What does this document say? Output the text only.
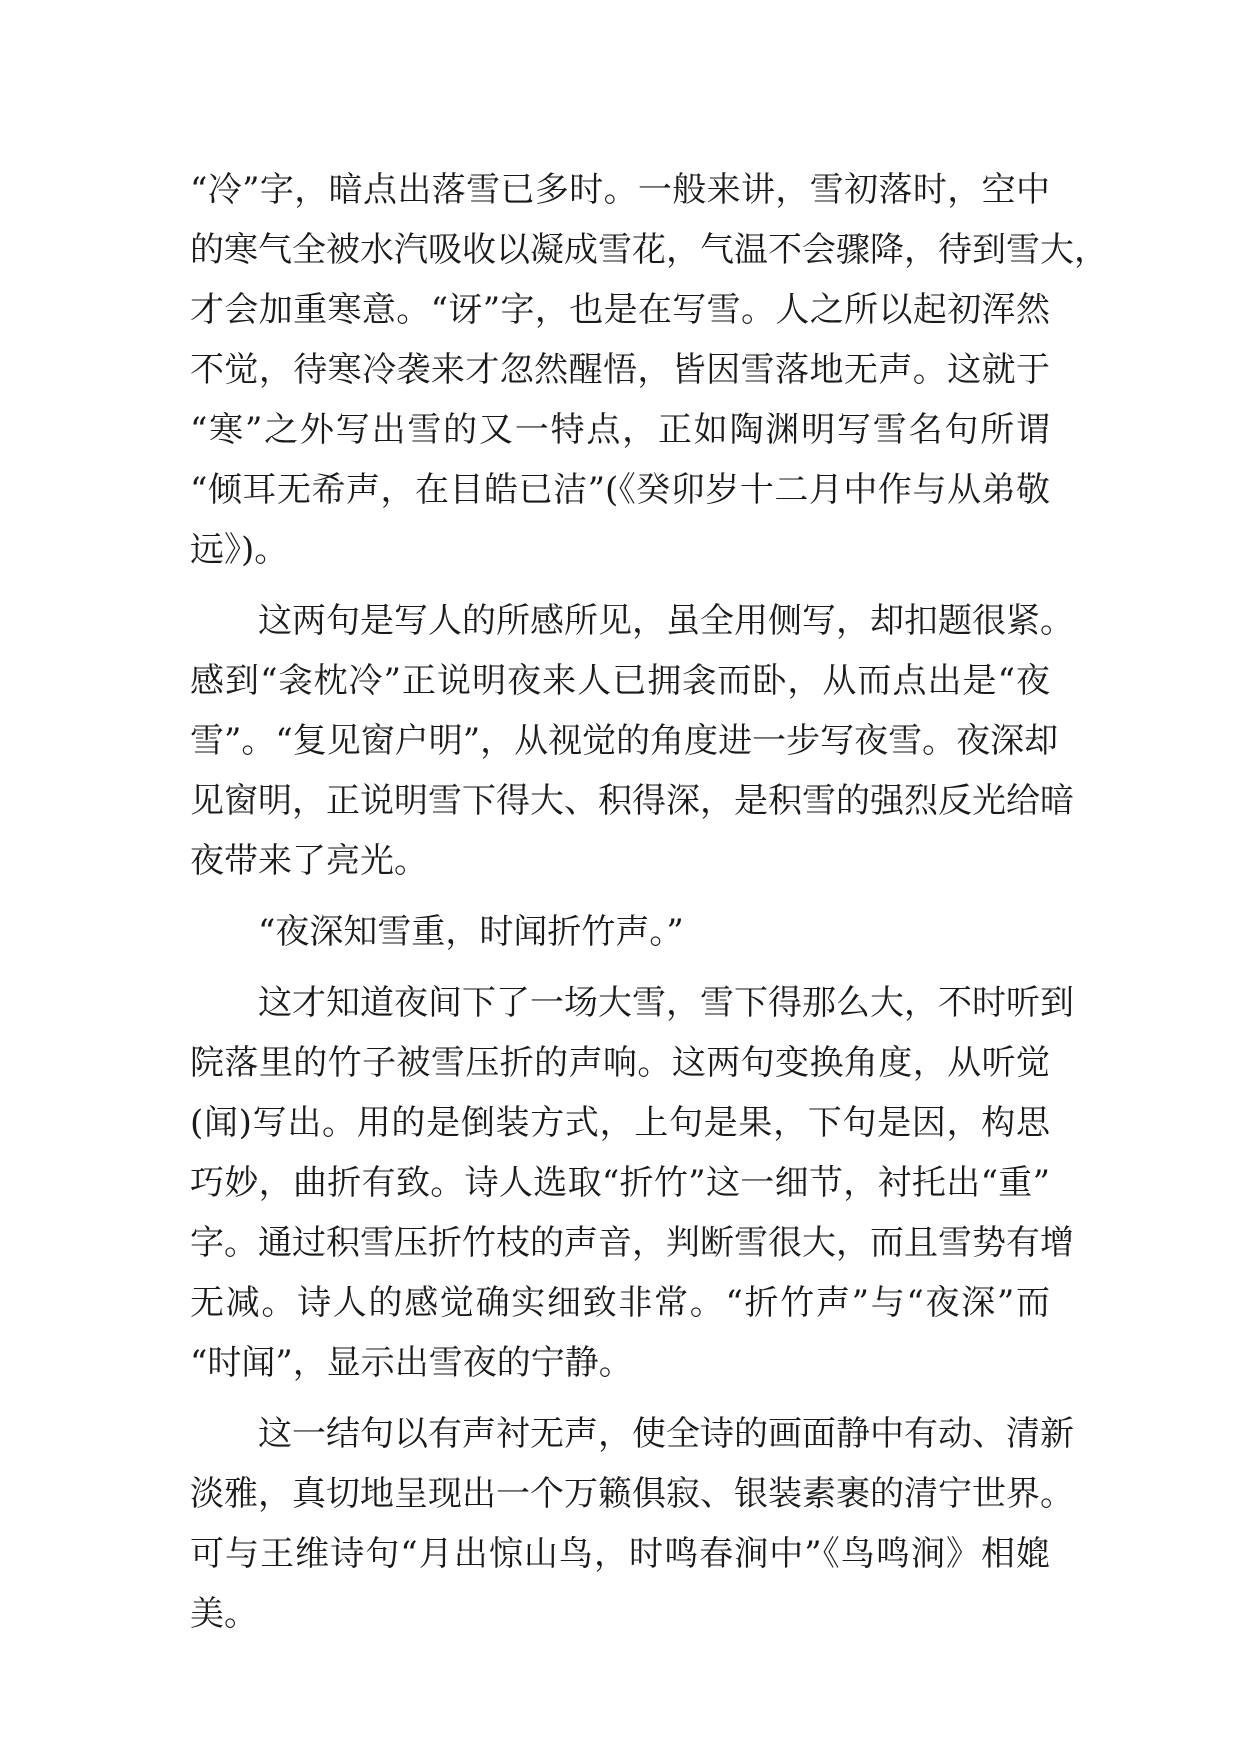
“冷”字，暗点出落雪已多时。一般来讲，雪初落时，空中
的寒气全被水汽吸收以凝成雪花，气温不会骤降，待到雪大，
才会加重寒意。“讶”字，也是在写雪。人之所以起初浑然
不觉，待寒冷袭来才忽然醒悟，皆因雪落地无声。这就于
“寒”之外写出雪的又一特点，正如陶渊明写雪名句所谓
“倾耳无希声，在目皓已洁”(《癸卯岁十二月中作与从弟敬
远》)。
这两句是写人的所感所见，虽全用侧写，却扣题很紧。
感到“衾枕冷”正说明夜来人已拥衾而卧，从而点出是“夜
雪”。“复见窗户明”，从视觉的角度进一步写夜雪。夜深却
见窗明，正说明雪下得大、积得深，是积雪的强烈反光给暗
夜带来了亮光。
“夜深知雪重，时闻折竹声。”
这才知道夜间下了一场大雪，雪下得那么大，不时听到
院落里的竹子被雪压折的声响。这两句变换角度，从听觉
(闻)写出。用的是倒装方式，上句是果，下句是因，构思
巧妙，曲折有致。诗人选取“折竹”这一细节，衬托出“重”
字。通过积雪压折竹枝的声音，判断雪很大，而且雪势有增
无减。诗人的感觉确实细致非常。“折竹声”与“夜深”而
“时闻”，显示出雪夜的宁静。
这一结句以有声衬无声，使全诗的画面静中有动、清新
淡雅，真切地呈现出一个万籁俱寂、银装素裹的清宁世界。
可与王维诗句“月出惊山鸟，时鸣春涧中”《鸟鸣涧》相媲
美。
